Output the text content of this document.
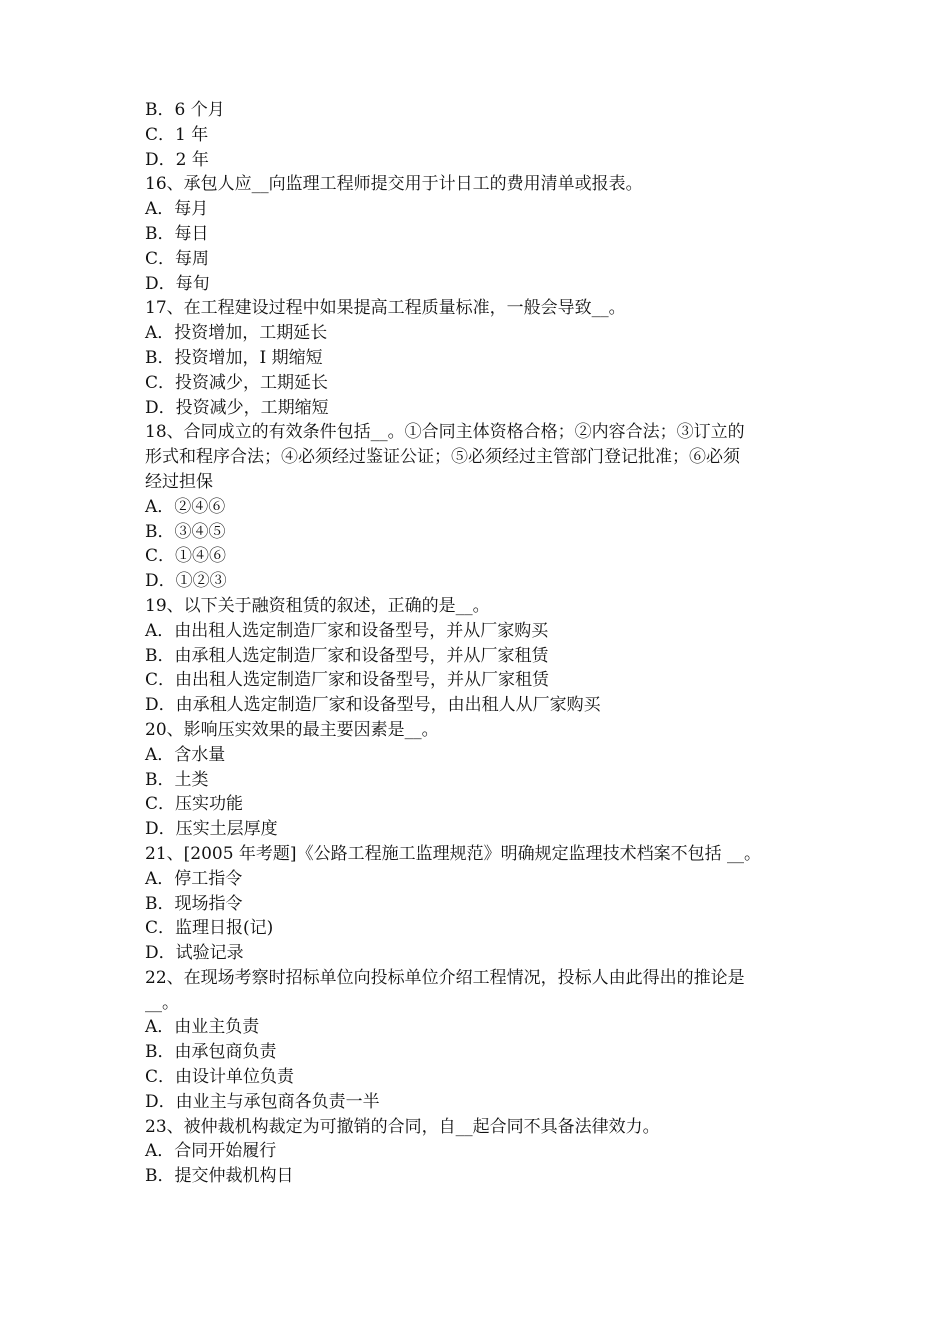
B．6 个月
C．1 年
D．2 年
16、承包人应__向监理工程师提交用于计日工的费用清单或报表。
A．每月
B．每日
C．每周
D．每旬
17、在工程建设过程中如果提高工程质量标准，一般会导致__。
A．投资增加，工期延长
B．投资增加，I 期缩短
C．投资减少，工期延长
D．投资减少，工期缩短
18、合同成立的有效条件包括__。①合同主体资格合格；②内容合法；③订立的
形式和程序合法；④必须经过鉴证公证；⑤必须经过主管部门登记批准；⑥必须
经过担保
A．②④⑥
B．③④⑤
C．①④⑥
D．①②③
19、以下关于融资租赁的叙述，正确的是__。
A．由出租人选定制造厂家和设备型号，并从厂家购买
B．由承租人选定制造厂家和设备型号，并从厂家租赁
C．由出租人选定制造厂家和设备型号，并从厂家租赁
D．由承租人选定制造厂家和设备型号，由出租人从厂家购买
20、影响压实效果的最主要因素是__。
A．含水量
B．土类
C．压实功能
D．压实土层厚度
21、[2005 年考题]《公路工程施工监理规范》明确规定监理技术档案不包括 __。
A．停工指令
B．现场指令
C．监理日报(记)
D．试验记录
22、在现场考察时招标单位向投标单位介绍工程情况，投标人由此得出的推论是
__。
A．由业主负责
B．由承包商负责
C．由设计单位负责
D．由业主与承包商各负责一半
23、被仲裁机构裁定为可撤销的合同，自__起合同不具备法律效力。
A．合同开始履行
B．提交仲裁机构日
